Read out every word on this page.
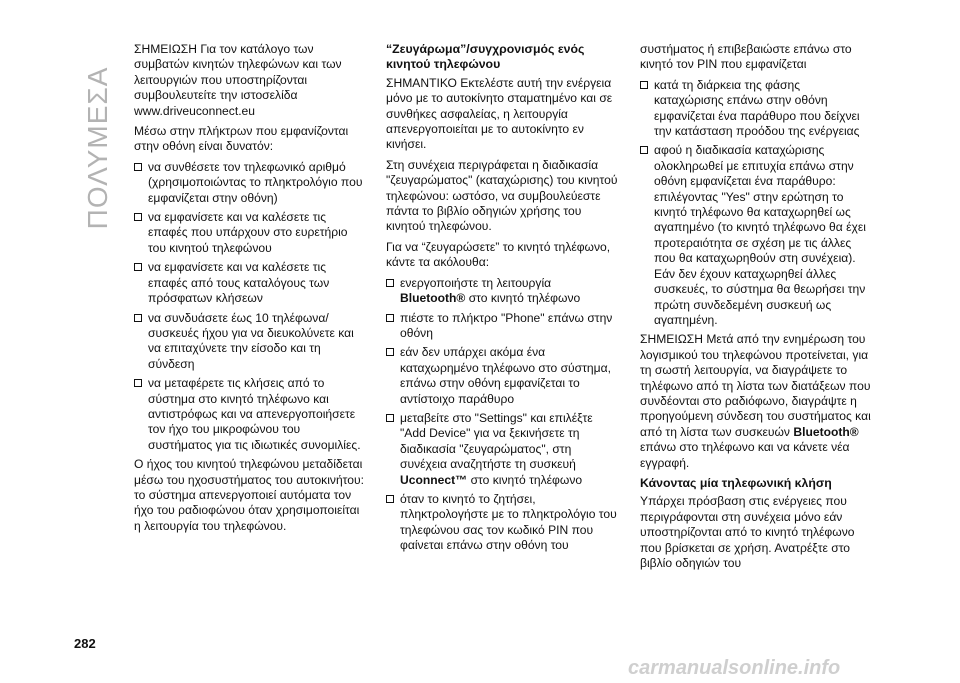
ΠΟΛΥΜΕΣΑ
282

ΣΗΜΕΙΩΣΗ Για τον κατάλογο των συμβατών κινητών τηλεφώνων και των λειτουργιών που υποστηρίζονται συμβουλευτείτε την ιστοσελίδα www.driveuconnect.eu

Μέσω στην πλήκτρων που εμφανίζονται στην οθόνη είναι δυνατόν:

να συνθέσετε τον τηλεφωνικό αριθμό (χρησιμοποιώντας το πληκτρολόγιο που εμφανίζεται στην οθόνη)
να εμφανίσετε και να καλέσετε τις επαφές που υπάρχουν στο ευρετήριο του κινητού τηλεφώνου
να εμφανίσετε και να καλέσετε τις επαφές από τους καταλόγους των πρόσφατων κλήσεων
να συνδυάσετε έως 10 τηλέφωνα/συσκευές ήχου για να διευκολύνετε και να επιταχύνετε την είσοδο και τη σύνδεση
να μεταφέρετε τις κλήσεις από το σύστημα στο κινητό τηλέφωνο και αντιστρόφως και να απενεργοποιήσετε τον ήχο του μικροφώνου του συστήματος για τις ιδιωτικές συνομιλίες.

Ο ήχος του κινητού τηλεφώνου μεταδίδεται μέσω του ηχοσυστήματος του αυτοκινήτου: το σύστημα απενεργοποιεί αυτόματα τον ήχο του ραδιοφώνου όταν χρησιμοποιείται η λειτουργία του τηλεφώνου.

“Ζευγάρωμα”/συγχρονισμός ενός κινητού τηλεφώνου

ΣΗΜΑΝΤΙΚΟ Εκτελέστε αυτή την ενέργεια μόνο με το αυτοκίνητο σταματημένο και σε συνθήκες ασφαλείας, η λειτουργία απενεργοποιείται με το αυτοκίνητο εν κινήσει.

Στη συνέχεια περιγράφεται η διαδικασία "ζευγαρώματος" (καταχώρισης) του κινητού τηλεφώνου: ωστόσο, να συμβουλεύεστε πάντα το βιβλίο οδηγιών χρήσης του κινητού τηλεφώνου.

Για να “ζευγαρώσετε” το κινητό τηλέφωνο, κάντε τα ακόλουθα:

ενεργοποιήστε τη λειτουργία Bluetooth® στο κινητό τηλέφωνο
πιέστε το πλήκτρο "Phone" επάνω στην οθόνη
εάν δεν υπάρχει ακόμα ένα καταχωρημένο τηλέφωνο στο σύστημα, επάνω στην οθόνη εμφανίζεται το αντίστοιχο παράθυρο
μεταβείτε στο "Settings" και επιλέξτε "Add Device" για να ξεκινήσετε τη διαδικασία "ζευγαρώματος", στη συνέχεια αναζητήστε τη συσκευή Uconnect™ στο κινητό τηλέφωνο
όταν το κινητό το ζητήσει, πληκτρολογήστε με το πληκτρολόγιο του τηλεφώνου σας τον κωδικό PIN που φαίνεται επάνω στην οθόνη του

συστήματος ή επιβεβαιώστε επάνω στο κινητό τον PIN που εμφανίζεται

κατά τη διάρκεια της φάσης καταχώρισης επάνω στην οθόνη εμφανίζεται ένα παράθυρο που δείχνει την κατάσταση προόδου της ενέργειας
αφού η διαδικασία καταχώρισης ολοκληρωθεί με επιτυχία επάνω στην οθόνη εμφανίζεται ένα παράθυρο: επιλέγοντας "Yes" στην ερώτηση το κινητό τηλέφωνο θα καταχωρηθεί ως αγαπημένο (το κινητό τηλέφωνο θα έχει προτεραιότητα σε σχέση με τις άλλες που θα καταχωρηθούν στη συνέχεια). Εάν δεν έχουν καταχωρηθεί άλλες συσκευές, το σύστημα θα θεωρήσει την πρώτη συνδεδεμένη συσκευή ως αγαπημένη.

ΣΗΜΕΙΩΣΗ Μετά από την ενημέρωση του λογισμικού του τηλεφώνου προτείνεται, για τη σωστή λειτουργία, να διαγράψετε το τηλέφωνο από τη λίστα των διατάξεων που συνδέονται στο ραδιόφωνο, διαγράψτε η προηγούμενη σύνδεση του συστήματος και από τη λίστα των συσκευών Bluetooth® επάνω στο τηλέφωνο και να κάνετε νέα εγγραφή.

Κάνοντας μία τηλεφωνική κλήση

Υπάρχει πρόσβαση στις ενέργειες που περιγράφονται στη συνέχεια μόνο εάν υποστηρίζονται από το κινητό τηλέφωνο που βρίσκεται σε χρήση. Ανατρέξτε στο βιβλίο οδηγιών του

carmanualsonline.info
